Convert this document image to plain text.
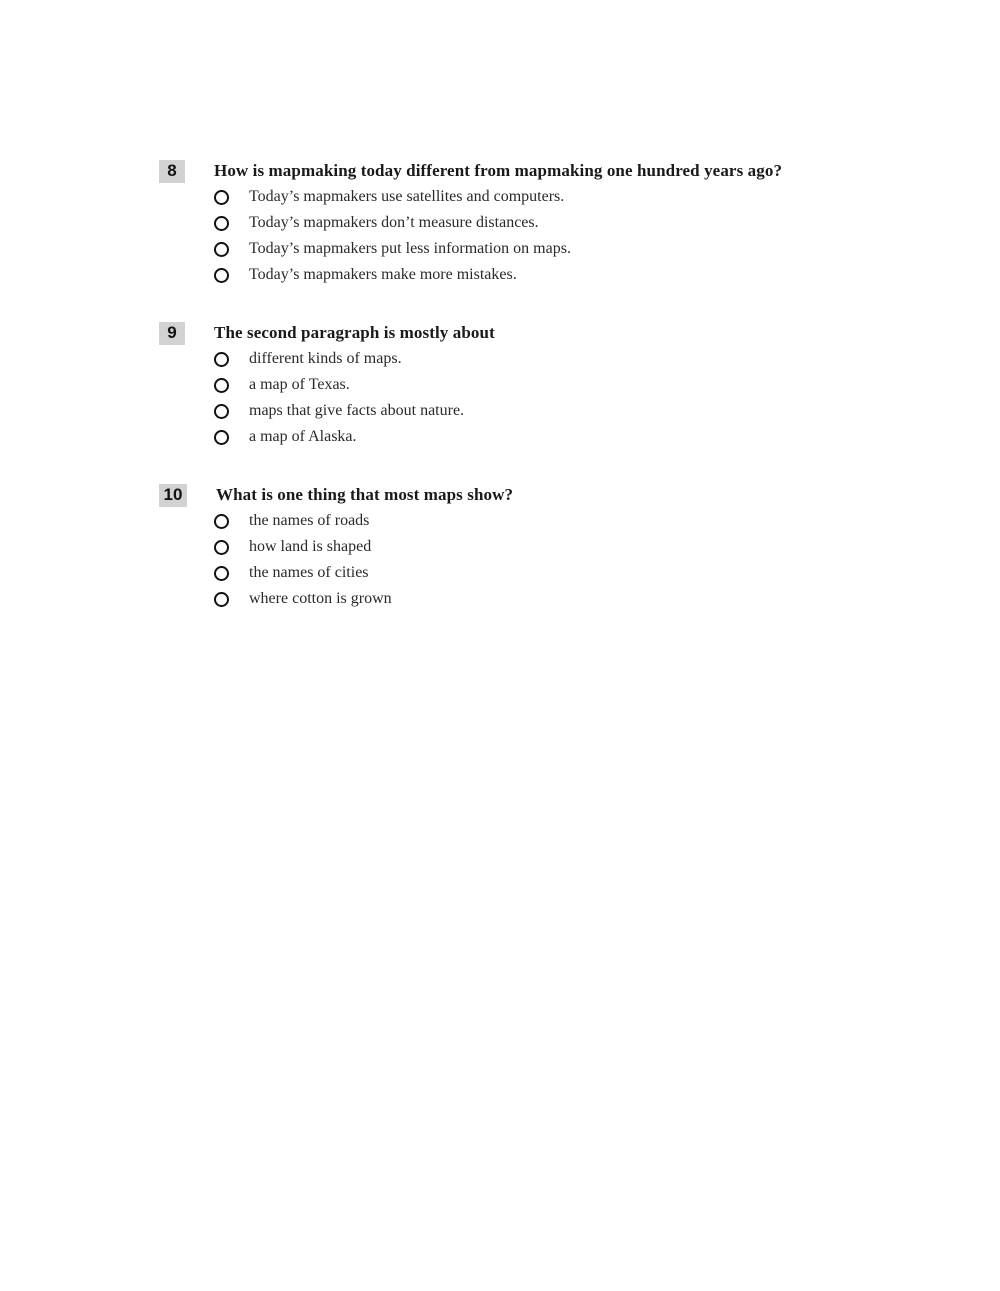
8	How is mapmaking today different from mapmaking one hundred years ago?
Today’s mapmakers use satellites and computers.
Today’s mapmakers don’t measure distances.
Today’s mapmakers put less information on maps.
Today’s mapmakers make more mistakes.
9	The second paragraph is mostly about
different kinds of maps.
a map of Texas.
maps that give facts about nature.
a map of Alaska.
10 What is one thing that most maps show?
the names of roads
how land is shaped
the names of cities
where cotton is grown
